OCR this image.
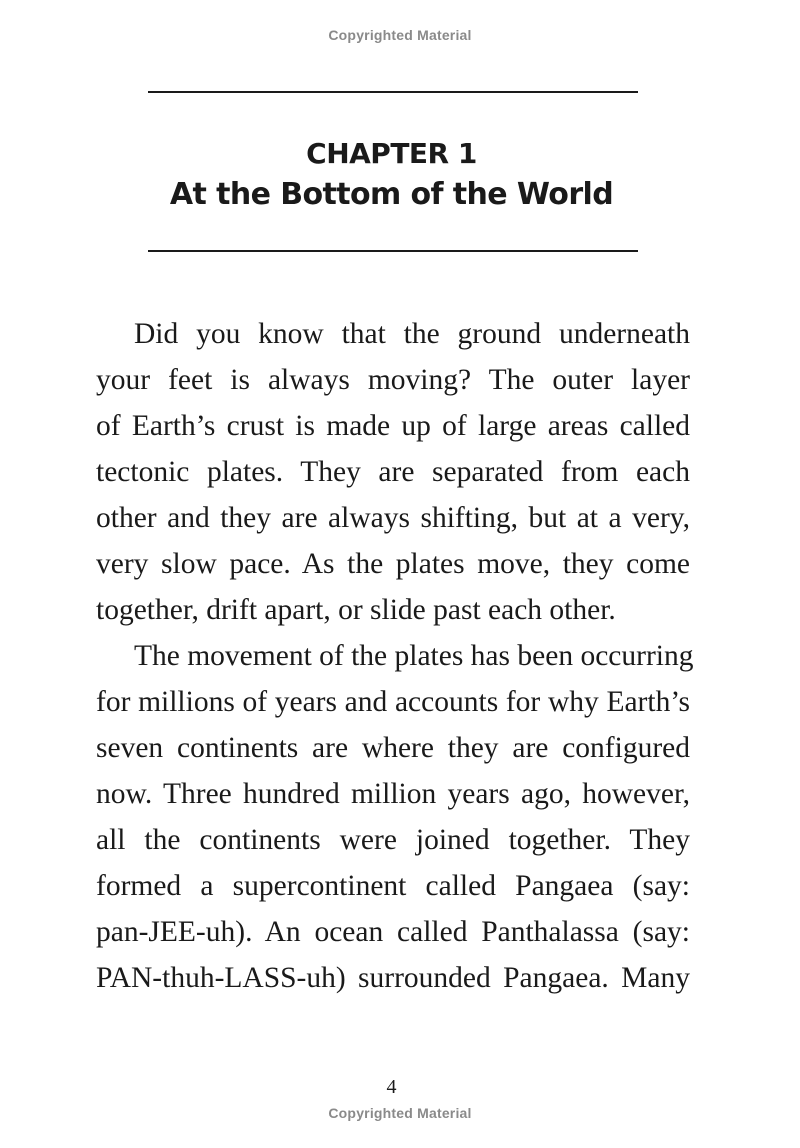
Copyrighted Material
CHAPTER 1
At the Bottom of the World
Did you know that the ground underneath
your feet is always moving? The outer layer
of Earth’s crust is made up of large areas called
tectonic plates. They are separated from each
other and they are always shifting, but at a very,
very slow pace. As the plates move, they come
together, drift apart, or slide past each other.
The movement of the plates has been occurring
for millions of years and accounts for why Earth’s
seven continents are where they are configured
now. Three hundred million years ago, however,
all the continents were joined together. They
formed a supercontinent called Pangaea (say:
pan-JEE-uh). An ocean called Panthalassa (say:
PAN-thuh-LASS-uh) surrounded Pangaea. Many
4
Copyrighted Material
